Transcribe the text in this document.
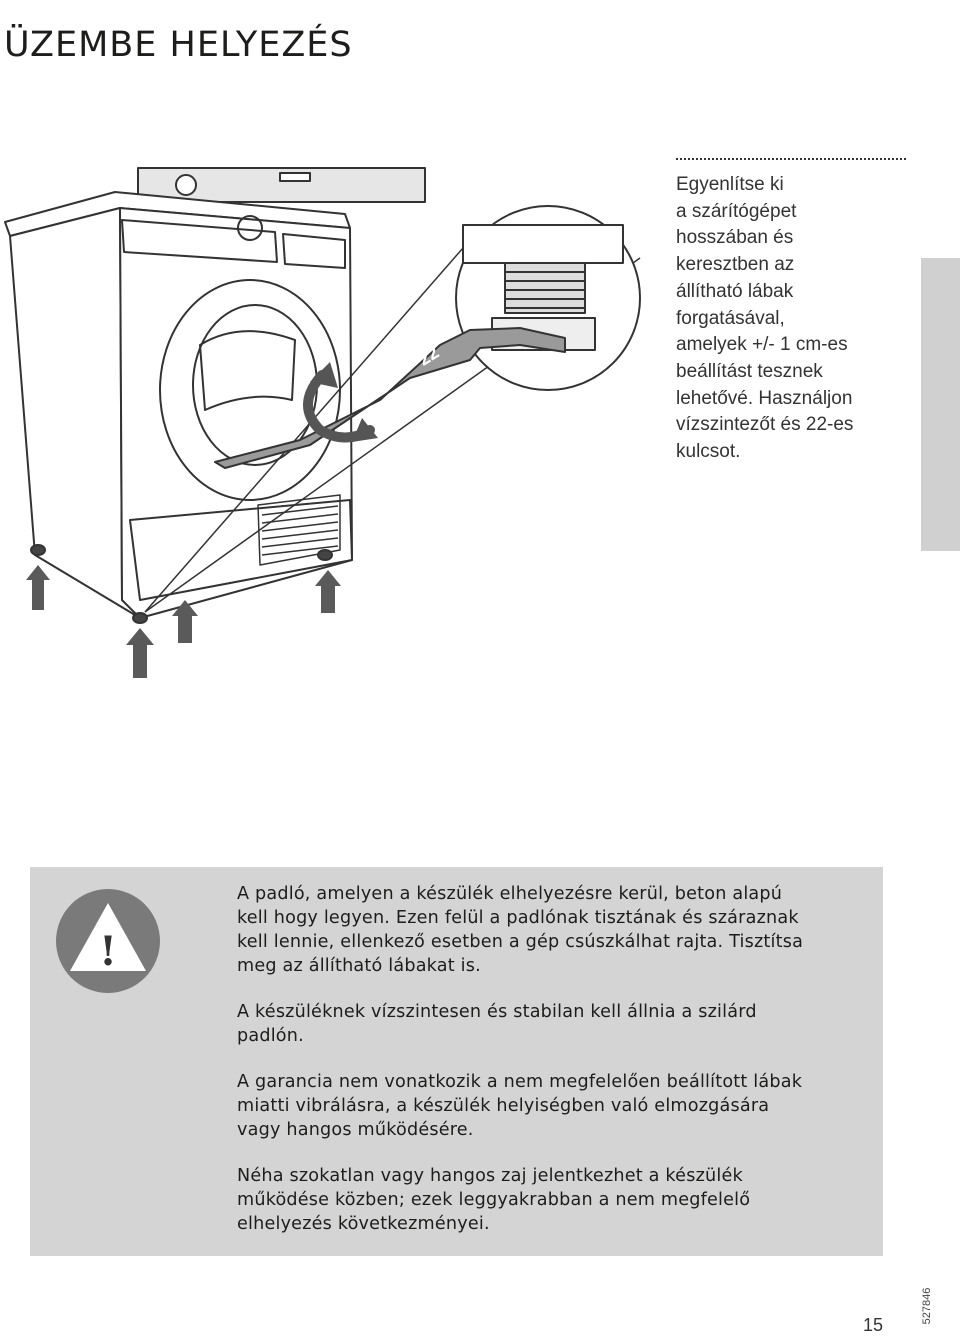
ÜZEMBE HELYEZÉS
22
Egyenlítse ki
a szárítógépet
hosszában és
keresztben az
állítható lábak
forgatásával,
amelyek +/- 1 cm-es
beállítást tesznek
lehetővé. Használjon
vízszintezőt és 22-es
kulcsot.
!

A padló, amelyen a készülék elhelyezésre kerül, beton alapú
kell hogy legyen. Ezen felül a padlónak tisztának és száraznak
kell lennie, ellenkező esetben a gép csúszkálhat rajta. Tisztítsa
meg az állítható lábakat is.

A készüléknek vízszintesen és stabilan kell állnia a szilárd
padlón.

A garancia nem vonatkozik a nem megfelelően beállított lábak
miatti vibrálásra, a készülék helyiségben való elmozgására
vagy hangos működésére.

Néha szokatlan vagy hangos zaj jelentkezhet a készülék
működése közben; ezek leggyakrabban a nem megfelelő
elhelyezés következményei.

15
527846
